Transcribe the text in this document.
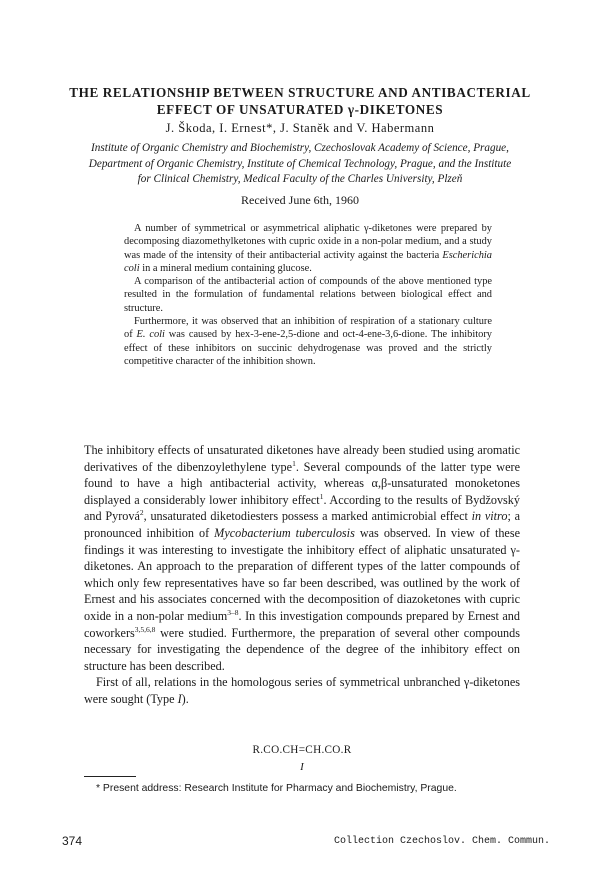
THE RELATIONSHIP BETWEEN STRUCTURE AND ANTIBACTERIAL
EFFECT OF UNSATURATED γ-DIKETONES
J. Škoda, I. Ernest*, J. Staněk and V. Habermann
Institute of Organic Chemistry and Biochemistry, Czechoslovak Academy of Science, Prague,
Department of Organic Chemistry, Institute of Chemical Technology, Prague, and the Institute
for Clinical Chemistry, Medical Faculty of the Charles University, Plzeň
Received June 6th, 1960

A number of symmetrical or asymmetrical aliphatic γ-diketones were prepared by decomposing diazomethylketones with cupric oxide in a non-polar medium, and a study was made of the intensity of their antibacterial activity against the bacteria Escherichia coli in a mineral medium containing glucose.

A comparison of the antibacterial action of compounds of the above mentioned type resulted in the formulation of fundamental relations between biological effect and structure.

Furthermore, it was observed that an inhibition of respiration of a stationary culture of E. coli was caused by hex-3-ene-2,5-dione and oct-4-ene-3,6-dione. The inhibitory effect of these inhibitors on succinic dehydrogenase was proved and the strictly competitive character of the inhibition shown.

The inhibitory effects of unsaturated diketones have already been studied using aromatic derivatives of the dibenzoylethylene type$^1$. Several compounds of the latter type were found to have a high antibacterial activity, whereas α,β-unsaturated monoketones displayed a considerably lower inhibitory effect$^1$. According to the results of Bydžovský and Pyrová$^2$, unsaturated diketodiesters possess a marked antimicrobial effect in vitro; a pronounced inhibition of Mycobacterium tuberculosis was observed. In view of these findings it was interesting to investigate the inhibitory effect of aliphatic unsaturated γ-diketones. An approach to the preparation of different types of the latter compounds of which only few representatives have so far been described, was outlined by the work of Ernest and his associates concerned with the decomposition of diazoketones with cupric oxide in a non-polar medium$^{3-8}$. In this investigation compounds prepared by Ernest and coworkers$^{3,5,6,8}$ were studied. Furthermore, the preparation of several other compounds necessary for investigating the dependence of the degree of the inhibitory effect on structure has been described.

First of all, relations in the homologous series of symmetrical unbranched γ-diketones were sought (Type I).

R.CO.CH=CH.CO.R
I
* Present address: Research Institute for Pharmacy and Biochemistry, Prague.
374	Collection Czechoslov. Chem. Commun.
